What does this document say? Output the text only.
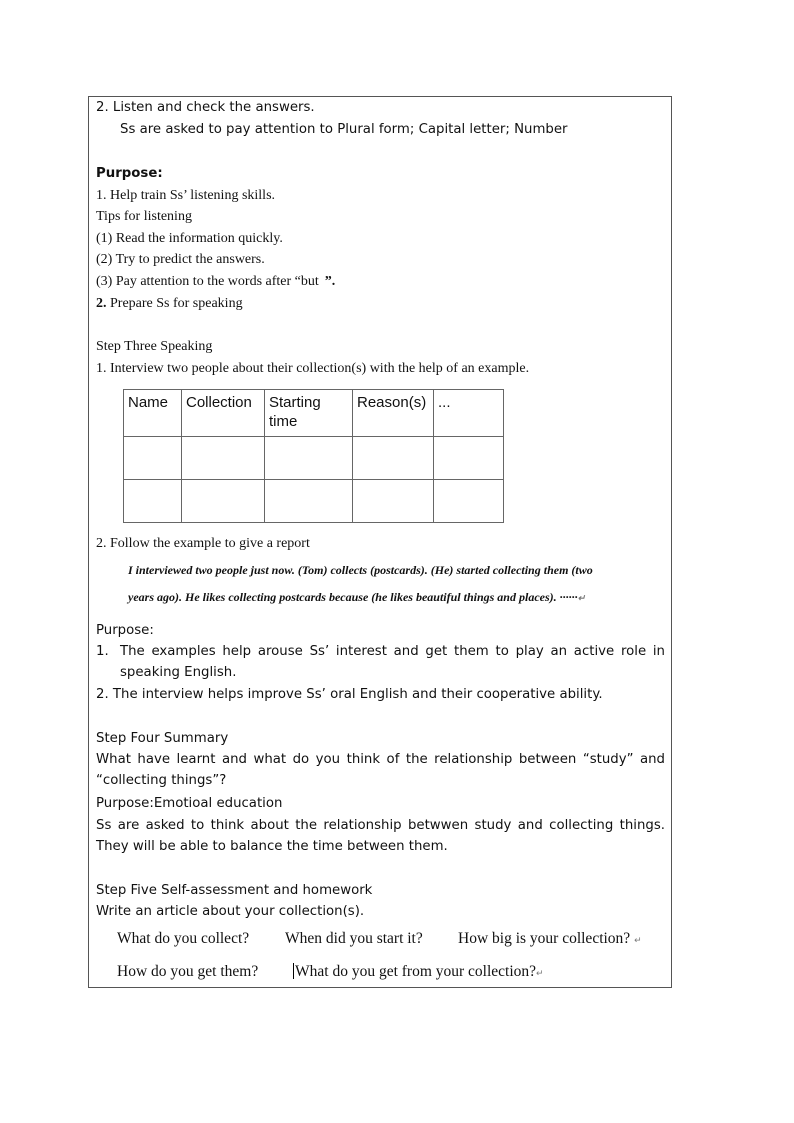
2. Listen and check the answers.
Ss are asked to pay attention to Plural form; Capital letter; Number
Purpose:
1. Help train Ss’ listening skills.
Tips for listening
(1) Read the information quickly.
(2) Try to predict the answers.
(3) Pay attention to the words after “but ”.
2. Prepare Ss for speaking
Step Three Speaking
1. Interview two people about their collection(s) with the help of an example.
Name	Collection	Starting time	Reason(s)	...

2. Follow the example to give a report
I interviewed two people just now. (Tom) collects (postcards). (He) started collecting them (two
years ago). He likes collecting postcards because (he likes beautiful things and places). ······↵
Purpose:
1. The examples help arouse Ss’ interest and get them to play an active role in speaking English.
2. The interview helps improve Ss’ oral English and their cooperative ability.
Step Four Summary
What have learnt and what do you think of the relationship between “study” and “collecting things”?
Purpose:Emotioal education
Ss are asked to think about the relationship betwwen study and collecting things. They will be able to balance the time between them.
Step Five Self-assessment and homework
Write an article about your collection(s).
What do you collect? When did you start it? How big is your collection? ↵
How do you get them? What do you get from your collection?↵
